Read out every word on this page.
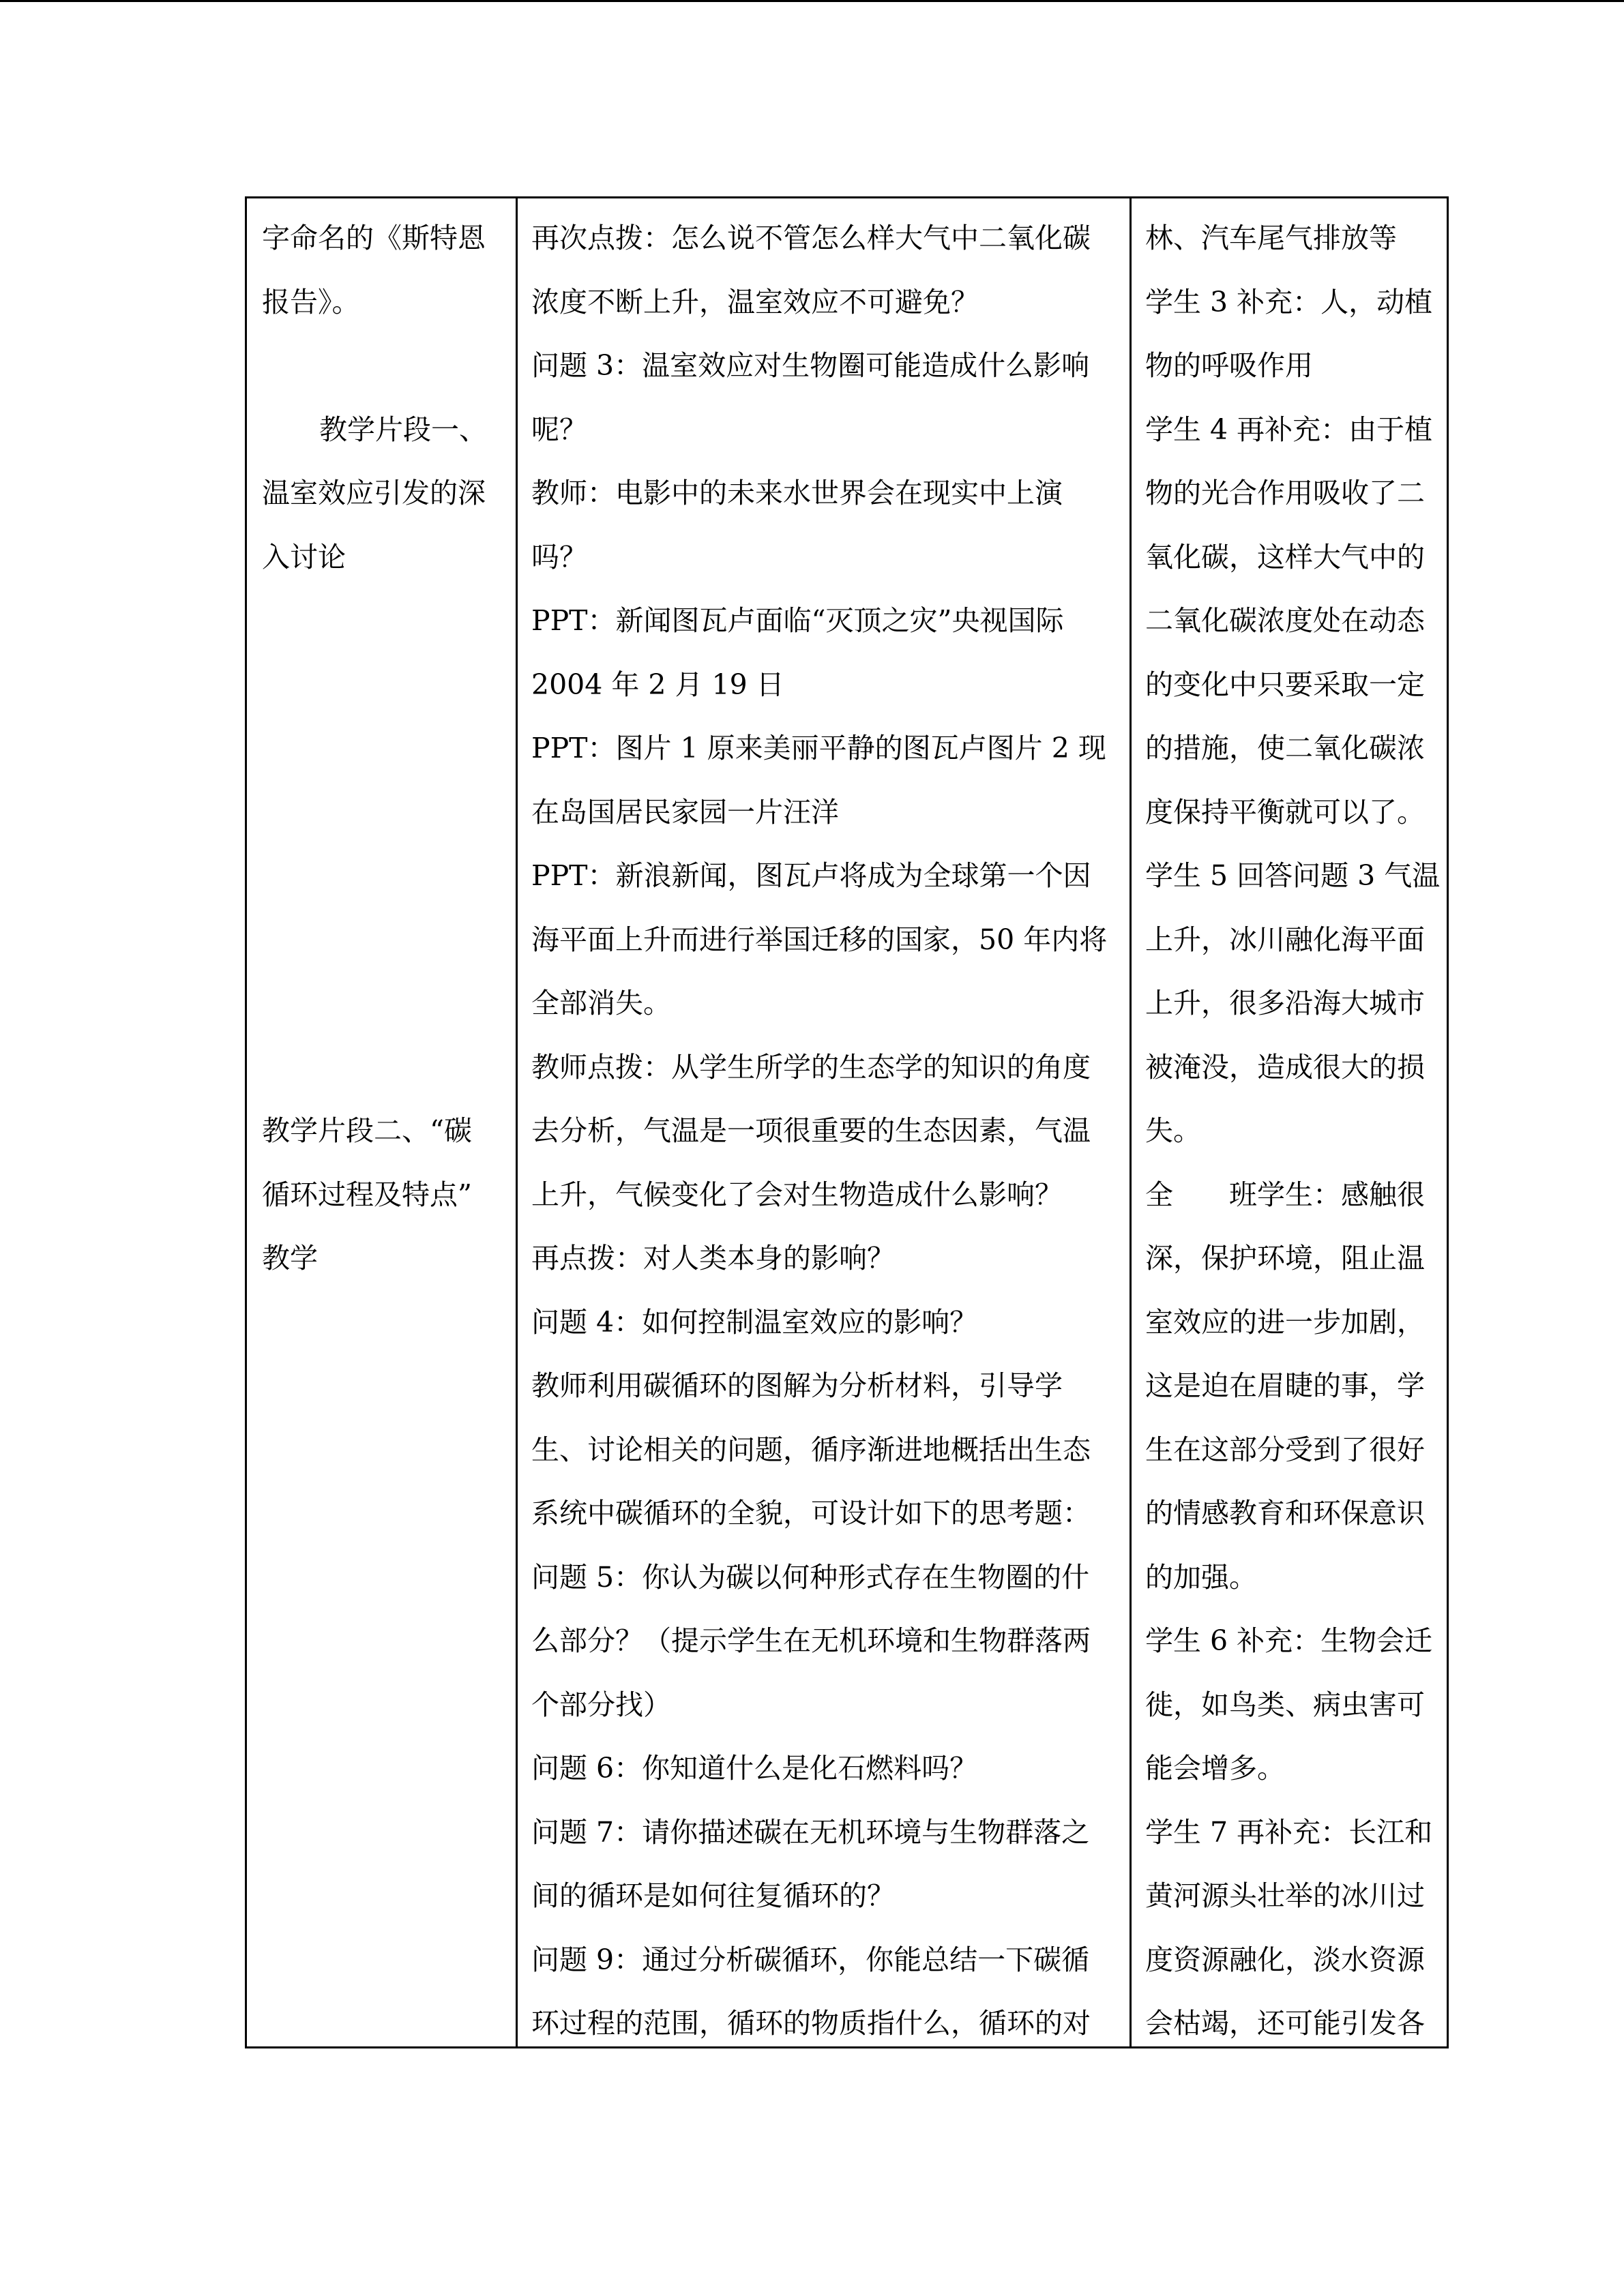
字命名的《斯特恩
报告》。
教学片段一、
温室效应引发的深
入讨论
教学片段二、“碳
循环过程及特点”
教学
再次点拨：怎么说不管怎么样大气中二氧化碳
浓度不断上升，温室效应不可避免？
问题 3：温室效应对生物圈可能造成什么影响
呢？
教师：电影中的未来水世界会在现实中上演
吗？
PPT：新闻图瓦卢面临“灭顶之灾”央视国际
2004 年 2 月 19 日
PPT：图片 1 原来美丽平静的图瓦卢图片 2 现
在岛国居民家园一片汪洋
PPT：新浪新闻，图瓦卢将成为全球第一个因
海平面上升而进行举国迁移的国家，50 年内将
全部消失。
教师点拨：从学生所学的生态学的知识的角度
去分析，气温是一项很重要的生态因素，气温
上升，气候变化了会对生物造成什么影响？
再点拨：对人类本身的影响？
问题 4：如何控制温室效应的影响？
教师利用碳循环的图解为分析材料，引导学
生、讨论相关的问题，循序渐进地概括出生态
系统中碳循环的全貌，可设计如下的思考题：
问题 5：你认为碳以何种形式存在生物圈的什
么部分？（提示学生在无机环境和生物群落两
个部分找）
问题 6：你知道什么是化石燃料吗？
问题 7：请你描述碳在无机环境与生物群落之
间的循环是如何往复循环的？
问题 9：通过分析碳循环，你能总结一下碳循
环过程的范围，循环的物质指什么，循环的对
林、汽车尾气排放等
学生 3 补充：人，动植
物的呼吸作用
学生 4 再补充：由于植
物的光合作用吸收了二
氧化碳，这样大气中的
二氧化碳浓度处在动态
的变化中只要采取一定
的措施，使二氧化碳浓
度保持平衡就可以了。
学生 5 回答问题 3 气温
上升，冰川融化海平面
上升，很多沿海大城市
被淹没，造成很大的损
失。
全　　班学生：感触很
深，保护环境，阻止温
室效应的进一步加剧，
这是迫在眉睫的事，学
生在这部分受到了很好
的情感教育和环保意识
的加强。
学生 6 补充：生物会迁
徙，如鸟类、病虫害可
能会增多。
学生 7 再补充：长江和
黄河源头壮举的冰川过
度资源融化，淡水资源
会枯竭，还可能引发各
